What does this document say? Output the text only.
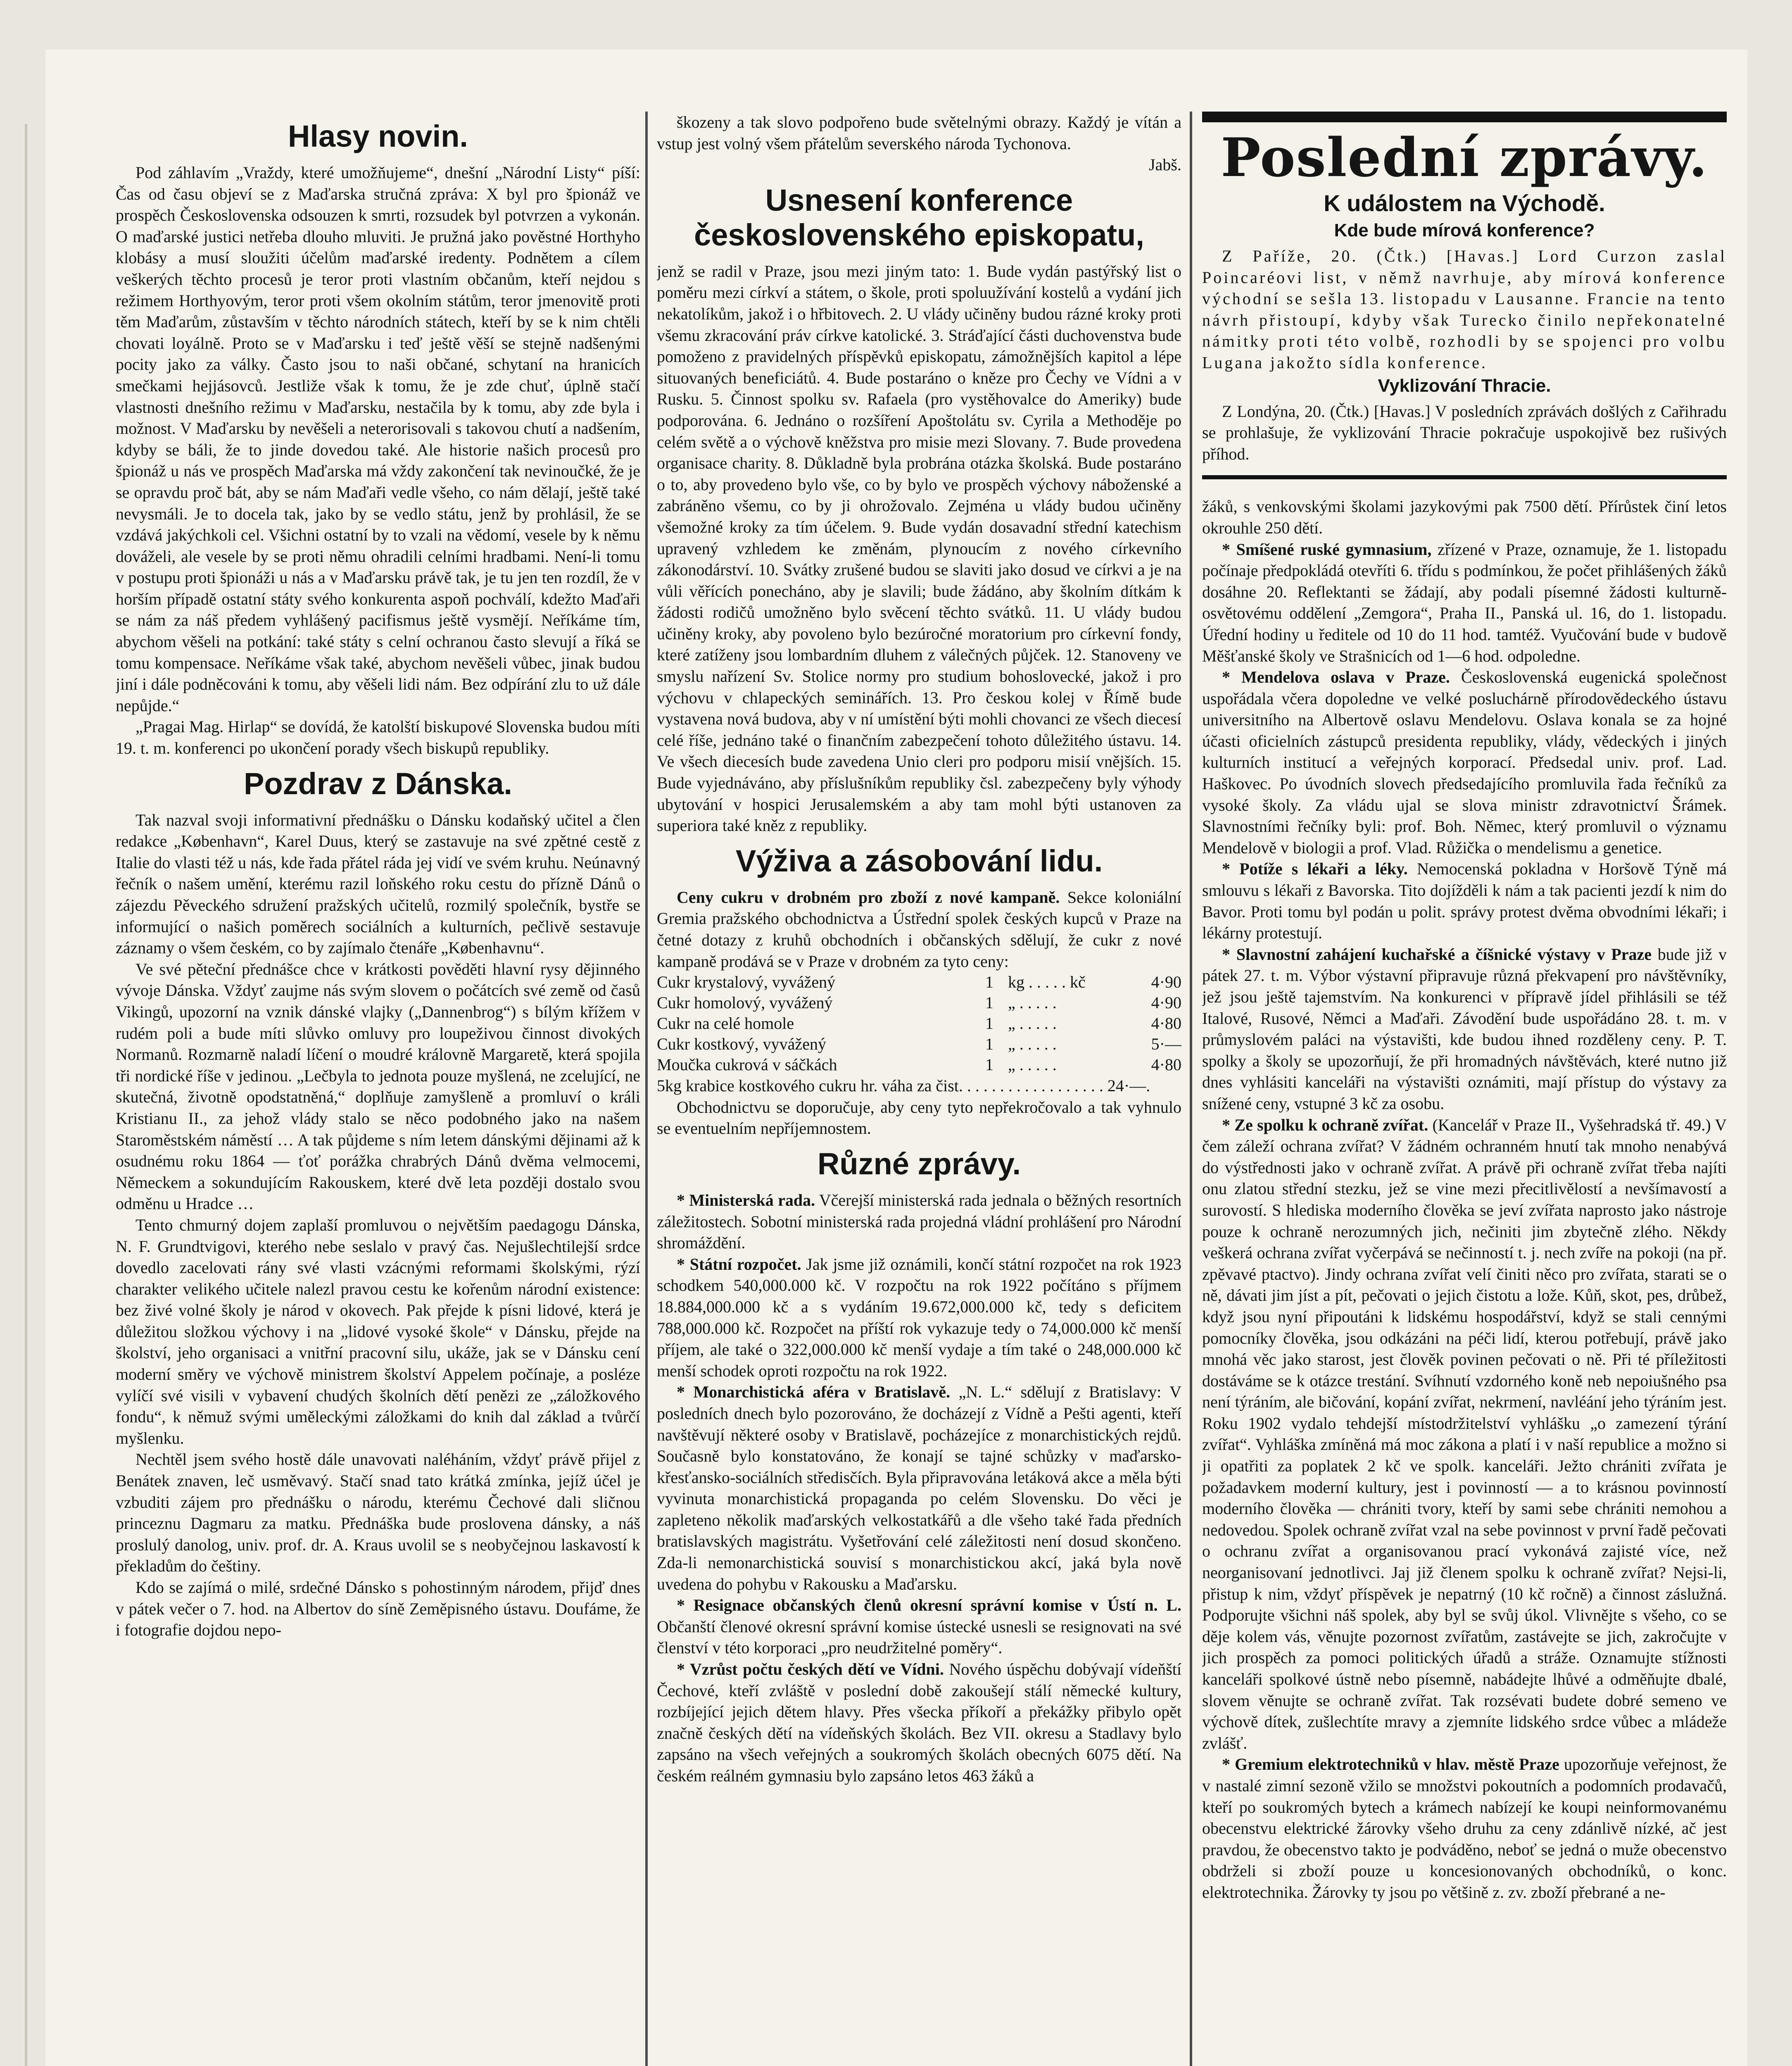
Hlasy novin.

Pod záhlavím „Vraždy, které umožňujeme“, dnešní „Národní Listy“ píší: Čas od času objeví se z Maďarska stručná zpráva: X byl pro špionáž ve prospěch Československa odsouzen k smrti, rozsudek byl potvrzen a vykonán. O maďarské justici netřeba dlouho mluviti. Je pružná jako pověstné Horthyho klobásy a musí sloužiti účelům maďarské iredenty. Podnětem a cílem veškerých těchto procesů je teror proti vlastním občanům, kteří nejdou s režimem Horthyovým, teror proti všem okolním státům, teror jmenovitě proti těm Maďarům, zůstavším v těchto národních státech, kteří by se k nim chtěli chovati loyálně. Proto se v Maďarsku i teď ještě věší se stejně nadšenými pocity jako za války. Často jsou to naši občané, schytaní na hranicích smečkami hejjásovců. Jestliže však k tomu, že je zde chuť, úplně stačí vlastnosti dnešního režimu v Maďarsku, nestačila by k tomu, aby zde byla i možnost. V Maďarsku by nevěšeli a neterorisovali s takovou chutí a nadšením, kdyby se báli, že to jinde dovedou také. Ale historie našich procesů pro špionáž u nás ve prospěch Maďarska má vždy zakončení tak nevinoučké, že je se opravdu proč bát, aby se nám Maďaři vedle všeho, co nám dělají, ještě také nevysmáli. Je to docela tak, jako by se vedlo státu, jenž by prohlásil, že se vzdává jakýchkoli cel. Všichni ostatní by to vzali na vědomí, vesele by k němu dováželi, ale vesele by se proti němu ohradili celními hradbami. Není-li tomu v postupu proti špionáži u nás a v Maďarsku právě tak, je tu jen ten rozdíl, že v horším případě ostatní státy svého konkurenta aspoň pochválí, kdežto Maďaři se nám za náš předem vyhlášený pacifismus ještě vysmějí. Neříkáme tím, abychom věšeli na potkání: také státy s celní ochranou často slevují a říká se tomu kompensace. Neříkáme však také, abychom nevěšeli vůbec, jinak budou jiní i dále podněcováni k tomu, aby věšeli lidi nám. Bez odpírání zlu to už dále nepůjde.“

„Pragai Mag. Hirlap“ se dovídá, že katolští biskupové Slovenska budou míti 19. t. m. konferenci po ukončení porady všech biskupů republiky.

Pozdrav z Dánska.

Tak nazval svoji informativní přednášku o Dánsku kodaňský učitel a člen redakce „København“, Karel Duus, který se zastavuje na své zpětné cestě z Italie do vlasti též u nás, kde řada přátel ráda jej vidí ve svém kruhu. Neúnavný řečník o našem umění, kterému razil loňského roku cestu do přízně Dánů o zájezdu Pěveckého sdružení pražských učitelů, rozmilý společník, bystře se informující o našich poměrech sociálních a kulturních, pečlivě sestavuje záznamy o všem českém, co by zajímalo čtenáře „Københavnu“.

Ve své pěteční přednášce chce v krátkosti pověděti hlavní rysy dějinného vývoje Dánska. Vždyť zaujme nás svým slovem o počátcích své země od časů Vikingů, upozorní na vznik dánské vlajky („Dannenbrog“) s bílým křížem v rudém poli a bude míti slůvko omluvy pro loupeživou činnost divokých Normanů. Rozmarně naladí líčení o moudré královně Margaretě, která spojila tři nordické říše v jedinou. „Lečbyla to jednota pouze myšlená, ne zcelující, ne skutečná, životně opodstatněná,“ doplňuje zamyšleně a promluví o králi Kristianu II., za jehož vlády stalo se něco podobného jako na našem Staroměstském náměstí … A tak půjdeme s ním letem dánskými dějinami až k osudnému roku 1864 — ťoť porážka chrabrých Dánů dvěma velmocemi, Německem a sokundujícím Rakouskem, které dvě leta později dostalo svou odměnu u Hradce …

Tento chmurný dojem zaplaší promluvou o největším paedagogu Dánska, N. F. Grundtvigovi, kterého nebe seslalo v pravý čas. Nejušlechtilejší srdce dovedlo zacelovati rány své vlasti vzácnými reformami školskými, rýzí charakter velikého učitele nalezl pravou cestu ke kořenům národní existence: bez živé volné školy je národ v okovech. Pak přejde k písni lidové, která je důležitou složkou výchovy i na „lidové vysoké škole“ v Dánsku, přejde na školství, jeho organisaci a vnitřní pracovní silu, ukáže, jak se v Dánsku cení moderní směry ve výchově ministrem školství Appelem počínaje, a posléze vylíčí své visili v vybavení chudých školních dětí penězi ze „záložkového fondu“, k němuž svými uměleckými záložkami do knih dal základ a tvůrčí myšlenku.

Nechtěl jsem svého hostě dále unavovati naléháním, vždyť právě přijel z Benátek znaven, leč usměvavý. Stačí snad tato krátká zmínka, jejíž účel je vzbuditi zájem pro přednášku o národu, kterému Čechové dali sličnou princeznu Dagmaru za matku. Přednáška bude proslovena dánsky, a náš proslulý danolog, univ. prof. dr. A. Kraus uvolil se s neobyčejnou laskavostí k překladům do češtiny.

Kdo se zajímá o milé, srdečné Dánsko s pohostinným národem, přijď dnes v pátek večer o 7. hod. na Albertov do síně Zeměpisného ústavu. Doufáme, že i fotografie dojdou nepo-

škozeny a tak slovo podpořeno bude světelnými obrazy. Každý je vítán a vstup jest volný všem přátelům severského národa Tychonova.

Jabš.
Usnesení konference československého episkopatu,

jenž se radil v Praze, jsou mezi jiným tato: 1. Bude vydán pastýřský list o poměru mezi církví a státem, o škole, proti spoluužívání kostelů a vydání jich nekatolíkům, jakož i o hřbitovech. 2. U vlády učiněny budou rázné kroky proti všemu zkracování práv církve katolické. 3. Stráďající části duchovenstva bude pomoženo z pravidelných příspěvků episkopatu, zámožnějších kapitol a lépe situovaných beneficiátů. 4. Bude postaráno o kněze pro Čechy ve Vídni a v Rusku. 5. Činnost spolku sv. Rafaela (pro vystěhovalce do Ameriky) bude podporována. 6. Jednáno o rozšíření Apoštolátu sv. Cyrila a Methoděje po celém světě a o výchově kněžstva pro misie mezi Slovany. 7. Bude provedena organisace charity. 8. Důkladně byla probrána otázka školská. Bude postaráno o to, aby provedeno bylo vše, co by bylo ve prospěch výchovy náboženské a zabráněno všemu, co by ji ohrožovalo. Zejména u vlády budou učiněny všemožné kroky za tím účelem. 9. Bude vydán dosavadní střední katechism upravený vzhledem ke změnám, plynoucím z nového církevního zákonodárství. 10. Svátky zrušené budou se slaviti jako dosud ve církvi a je na vůli věřících ponecháno, aby je slavili; bude žádáno, aby školním dítkám k žádosti rodičů umožněno bylo svěcení těchto svátků. 11. U vlády budou učiněny kroky, aby povoleno bylo bezúročné moratorium pro církevní fondy, které zatíženy jsou lombardním dluhem z válečných půjček. 12. Stanoveny ve smyslu nařízení Sv. Stolice normy pro studium bohoslovecké, jakož i pro výchovu v chlapeckých seminářích. 13. Pro českou kolej v Římě bude vystavena nová budova, aby v ní umístění býti mohli chovanci ze všech diecesí celé říše, jednáno také o finančním zabezpečení tohoto důležitého ústavu. 14. Ve všech diecesích bude zavedena Unio cleri pro podporu misií vnějších. 15. Bude vyjednáváno, aby příslušníkům republiky čsl. zabezpečeny byly výhody ubytování v hospici Jerusalemském a aby tam mohl býti ustanoven za superiora také kněz z republiky.

Výživa a zásobování lidu.

Ceny cukru v drobném pro zboží z nové kampaně. Sekce koloniální Gremia pražského obchodnictva a Ústřední spolek českých kupců v Praze na četné dotazy z kruhů obchodních i občanských sdělují, že cukr z nové kampaně prodává se v Praze v drobném za tyto ceny:

Cukr krystalový, vyvážený	1	kg . . . . . kč	4·90
Cukr homolový, vyvážený	1	„ . . . . .	4·90
Cukr na celé homole	1	„ . . . . .	4·80
Cukr kostkový, vyvážený	1	„ . . . . .	5·—
Moučka cukrová v sáčkách	1	„ . . . . .	4·80

5kg krabice kostkového cukru hr. váha za čist. . . . . . . . . . . . . . . . . . 24·—.

Obchodnictvu se doporučuje, aby ceny tyto nepřekročovalo a tak vyhnulo se eventuelním nepříjemnostem.

Různé zprávy.

* Ministerská rada. Včerejší ministerská rada jednala o běžných resortních záležitostech. Sobotní ministerská rada projedná vládní prohlášení pro Národní shromáždění.

* Státní rozpočet. Jak jsme již oznámili, končí státní rozpočet na rok 1923 schodkem 540,000.000 kč. V rozpočtu na rok 1922 počítáno s příjmem 18.884,000.000 kč a s vydáním 19.672,000.000 kč, tedy s deficitem 788,000.000 kč. Rozpočet na příští rok vykazuje tedy o 74,000.000 kč menší příjem, ale také o 322,000.000 kč menší vydaje a tím také o 248,000.000 kč menší schodek oproti rozpočtu na rok 1922.

* Monarchistická aféra v Bratislavě. „N. L.“ sdělují z Bratislavy: V posledních dnech bylo pozorováno, že docházejí z Vídně a Pešti agenti, kteří navštěvují některé osoby v Bratislavě, pocházejíce z monarchistických rejdů. Současně bylo konstatováno, že konají se tajné schůzky v maďarsko-křesťansko-sociálních středisčích. Byla připravována letáková akce a měla býti vyvinuta monarchistická propaganda po celém Slovensku. Do věci je zapleteno několik maďarských velkostatkářů a dle všeho také řada předních bratislavských magistrátu. Vyšetřování celé záležitosti není dosud skončeno. Zda-li nemonarchistická souvisí s monarchistickou akcí, jaká byla nově uvedena do pohybu v Rakousku a Maďarsku.

* Resignace občanských členů okresní správní komise v Ústí n. L. Občanští členové okresní správní komise ústecké usnesli se resignovati na své členství v této korporaci „pro neudržitelné poměry“.

* Vzrůst počtu českých dětí ve Vídni. Nového úspěchu dobývají vídeňští Čechové, kteří zvláště v poslední době zakoušejí stálí německé kultury, rozbíjející jejich dětem hlavy. Přes všecka příkoří a překážky přibylo opět značně českých dětí na vídeňských školách. Bez VII. okresu a Stadlavy bylo zapsáno na všech veřejných a soukromých školách obecných 6075 dětí. Na českém reálném gymnasiu bylo zapsáno letos 463 žáků a

Poslední zprávy.
K událostem na Východě.
Kde bude mírová konference?

Z Paříže, 20. (Čtk.) [Havas.] Lord Curzon zaslal Poincaréovi list, v němž navrhuje, aby mírová konference východní se sešla 13. listopadu v Lausanne. Francie na tento návrh přistoupí, kdyby však Turecko činilo nepřekonatelné námitky proti této volbě, rozhodli by se spojenci pro volbu Lugana jakožto sídla konference.

Vyklizování Thracie.

Z Londýna, 20. (Čtk.) [Havas.] V posledních zprávách došlých z Cařihradu se prohlašuje, že vyklizování Thracie pokračuje uspokojivě bez rušivých příhod.

žáků, s venkovskými školami jazykovými pak 7500 dětí. Přírůstek činí letos okrouhle 250 dětí.

* Smíšené ruské gymnasium, zřízené v Praze, oznamuje, že 1. listopadu počínaje předpokládá otevříti 6. třídu s podmínkou, že počet přihlášených žáků dosáhne 20. Reflektanti se žádají, aby podali písemné žádosti kulturně-osvětovému oddělení „Zemgora“, Praha II., Panská ul. 16, do 1. listopadu. Úřední hodiny u ředitele od 10 do 11 hod. tamtéž. Vyučování bude v budově Měšťanské školy ve Strašnicích od 1—6 hod. odpoledne.

* Mendelova oslava v Praze. Československá eugenická společnost uspořádala včera dopoledne ve velké posluchárně přírodovědeckého ústavu universitního na Albertově oslavu Mendelovu. Oslava konala se za hojné účasti oficielních zástupců presidenta republiky, vlády, vědeckých i jiných kulturních institucí a veřejných korporací. Předsedal univ. prof. Lad. Haškovec. Po úvodních slovech předsedajícího promluvila řada řečníků za vysoké školy. Za vládu ujal se slova ministr zdravotnictví Šrámek. Slavnostními řečníky byli: prof. Boh. Němec, který promluvil o významu Mendelově v biologii a prof. Vlad. Růžička o mendelismu a genetice.

* Potíže s lékaři a léky. Nemocenská pokladna v Horšově Týně má smlouvu s lékaři z Bavorska. Tito dojížděli k nám a tak pacienti jezdí k nim do Bavor. Proti tomu byl podán u polit. správy protest dvěma obvodními lékaři; i lékárny protestují.

* Slavnostní zahájení kuchařské a číšnické výstavy v Praze bude již v pátek 27. t. m. Výbor výstavní připravuje různá překvapení pro návštěvníky, jež jsou ještě tajemstvím. Na konkurenci v přípravě jídel přihlásili se též Italové, Rusové, Němci a Maďaři. Závodění bude uspořádáno 28. t. m. v průmyslovém paláci na výstavišti, kde budou ihned rozděleny ceny. P. T. spolky a školy se upozorňují, že při hromadných návštěvách, které nutno již dnes vyhlásiti kanceláři na výstavišti oznámiti, mají přístup do výstavy za snížené ceny, vstupné 3 kč za osobu.

* Ze spolku k ochraně zvířat. (Kancelář v Praze II., Vyšehradská tř. 49.) V čem záleží ochrana zvířat? V žádném ochranném hnutí tak mnoho nenabývá do výstřednosti jako v ochraně zvířat. A právě při ochraně zvířat třeba najíti onu zlatou střední stezku, jež se vine mezi přecitlivělostí a nevšímavostí a surovostí. S hlediska moderního člověka se jeví zvířata naprosto jako nástroje pouze k ochraně nerozumných jich, nečiniti jim zbytečně zlého. Někdy veškerá ochrana zvířat vyčerpává se nečinností t. j. nech zvíře na pokoji (na př. zpěvavé ptactvo). Jindy ochrana zvířat velí činiti něco pro zvířata, starati se o ně, dávati jim jíst a pít, pečovati o jejich čistotu a lože. Kůň, skot, pes, drůbež, když jsou nyní připoutáni k lidskému hospodářství, když se stali cennými pomocníky člověka, jsou odkázáni na péči lidí, kterou potřebují, právě jako mnohá věc jako starost, jest člověk povinen pečovati o ně. Při té příležitosti dostáváme se k otázce trestání. Svíhnutí vzdorného koně neb nepoiušného psa není týráním, ale bičování, kopání zvířat, nekrmení, navléání jeho týráním jest. Roku 1902 vydalo tehdejší místodržitelství vyhlášku „o zamezení týrání zvířat“. Vyhláška zmíněná má moc zákona a platí i v naší republice a možno si ji opatřiti za poplatek 2 kč ve spolk. kanceláři. Ježto chrániti zvířata je požadavkem moderní kultury, jest i povinností — a to krásnou povinností moderního člověka — chrániti tvory, kteří by sami sebe chrániti nemohou a nedovedou. Spolek ochraně zvířat vzal na sebe povinnost v první řadě pečovati o ochranu zvířat a organisovanou prací vykonává zajisté více, než neorganisovaní jednotlivci. Jaj již členem spolku k ochraně zvířat? Nejsi-li, přistup k nim, vždyť příspěvek je nepatrný (10 kč ročně) a činnost záslužná. Podporujte všichni náš spolek, aby byl se svůj úkol. Vlivnějte s všeho, co se děje kolem vás, věnujte pozornost zvířatům, zastávejte se jich, zakročujte v jich prospěch za pomoci politických úřadů a stráže. Oznamujte stížnosti kanceláři spolkové ústně nebo písemně, nabádejte lhůvé a odměňujte dbalé, slovem věnujte se ochraně zvířat. Tak rozsévati budete dobré semeno ve výchově dítek, zušlechtíte mravy a zjemníte lidského srdce vůbec a mládeže zvlášť.

* Gremium elektrotechniků v hlav. městě Praze upozorňuje veřejnost, že v nastalé zimní sezoně vžilo se množstvi pokoutních a podomních prodavačů, kteří po soukromých bytech a krámech nabízejí ke koupi neinformovanému obecenstvu elektrické žárovky všeho druhu za ceny zdánlivě nízké, ač jest pravdou, že obecenstvo takto je podváděno, neboť se jedná o muže obecenstvo obdrželi si zboží pouze u koncesionovaných obchodníků, o konc. elektrotechnika. Žárovky ty jsou po většině z. zv. zboží přebrané a ne-
